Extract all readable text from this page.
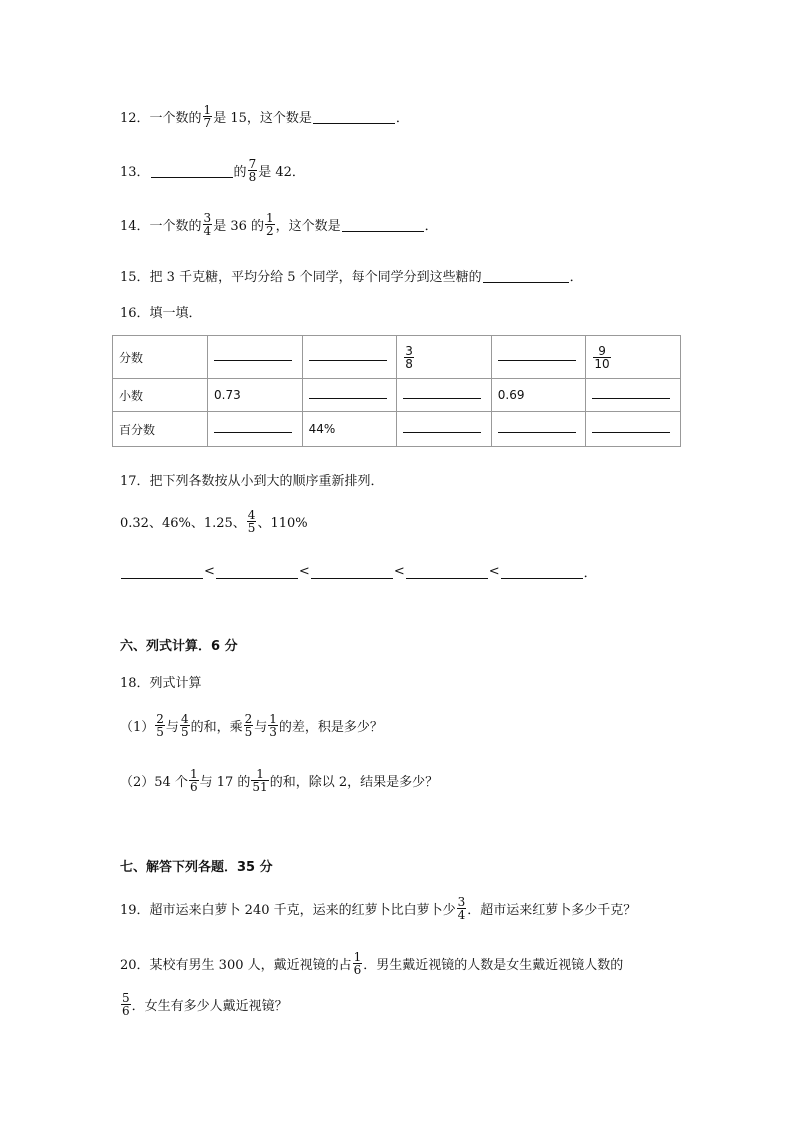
12．一个数的 $\frac{1}{7}$ 是 15，这个数是	．
13．	的 $\frac{7}{8}$ 是 42．
14．一个数的 $\frac{3}{4}$ 是 36 的 $\frac{1}{2}$ ，这个数是	．
15．把 3 千克糖，平均分给 5 个同学，每个同学分到这些糖的	．
16．填一填．
分数			$\frac{3}{8}$		$\frac{9}{10}$

小数	0.73			0.69	
百分数		44%			
17．把下列各数按从小到大的顺序重新排列．
0.32、46%、1.25、 $\frac{4}{5}$ 、110%
<	<	<	<	．
六、列式计算．6 分
18．列式计算
$(1) \frac{2}{5}$ 与 $\frac{4}{5}$ 的和，乘 $\frac{2}{5}$ 与 $\frac{1}{3}$ 的差，积是多少？
（2）54 个 $\frac{1}{6}$ 与 17 的 $\frac{1}{51}$ 的和，除以 2，结果是多少？
七、解答下列各题．35 分
19．超市运来白萝卜 240 千克，运来的红萝卜比白萝卜少 $\frac{3}{4}$ ．超市运来红萝卜多少千克？
20．某校有男生 300 人，戴近视镜的占 $\frac{1}{6}$ ．男生戴近视镜的人数是女生戴近视镜人数的
$\frac{5}{6}$ ．女生有多少人戴近视镜？
